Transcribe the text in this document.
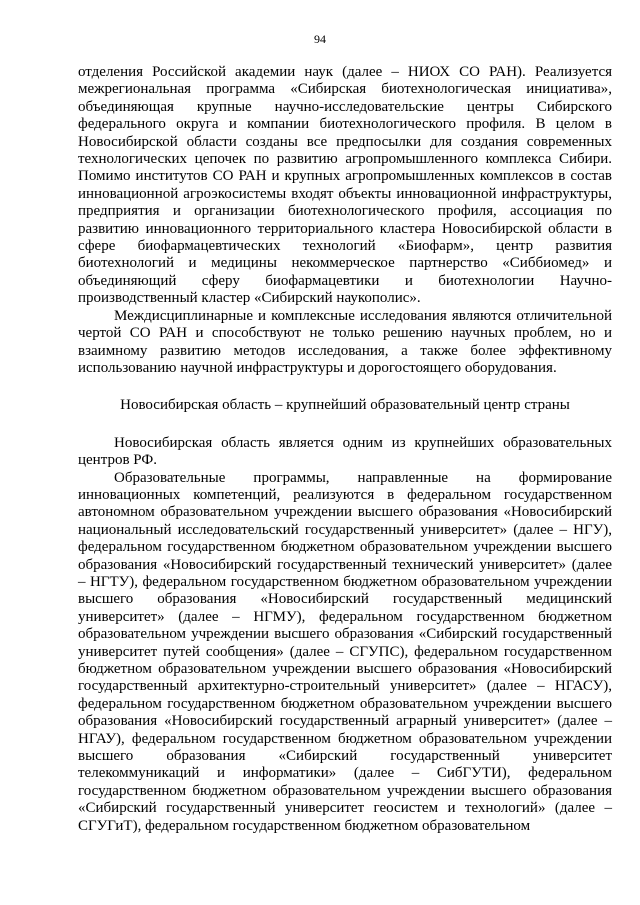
94

отделения Российской академии наук (далее – НИОХ СО РАН). Реализуется межрегиональная программа «Сибирская биотехнологическая инициатива», объединяющая крупные научно-исследовательские центры Сибирского федерального округа и компании биотехнологического профиля. В целом в Новосибирской области созданы все предпосылки для создания современных технологических цепочек по развитию агропромышленного комплекса Сибири. Помимо институтов СО РАН и крупных агропромышленных комплексов в состав инновационной агроэкосистемы входят объекты инновационной инфраструктуры, предприятия и организации биотехнологического профиля, ассоциация по развитию инновационного территориального кластера Новосибирской области в сфере биофармацевтических технологий «Биофарм», центр развития биотехнологий и медицины некоммерческое партнерство «Сиббиомед» и объединяющий сферу биофармацевтики и биотехнологии Научно-производственный кластер «Сибирский наукополис».

Междисциплинарные и комплексные исследования являются отличительной чертой СО РАН и способствуют не только решению научных проблем, но и взаимному развитию методов исследования, а также более эффективному использованию научной инфраструктуры и дорогостоящего оборудования.

Новосибирская область – крупнейший образовательный центр страны

Новосибирская область является одним из крупнейших образовательных центров РФ.

Образовательные программы, направленные на формирование инновационных компетенций, реализуются в федеральном государственном автономном образовательном учреждении высшего образования «Новосибирский национальный исследовательский государственный университет» (далее – НГУ), федеральном государственном бюджетном образовательном учреждении высшего образования «Новосибирский государственный технический университет» (далее – НГТУ), федеральном государственном бюджетном образовательном учреждении высшего образования «Новосибирский государственный медицинский университет» (далее – НГМУ), федеральном государственном бюджетном образовательном учреждении высшего образования «Сибирский государственный университет путей сообщения» (далее – СГУПС), федеральном государственном бюджетном образовательном учреждении высшего образования «Новосибирский государственный архитектурно-строительный университет» (далее – НГАСУ), федеральном государственном бюджетном образовательном учреждении высшего образования «Новосибирский государственный аграрный университет» (далее – НГАУ), федеральном государственном бюджетном образовательном учреждении высшего образования «Сибирский государственный университет телекоммуникаций и информатики» (далее – СибГУТИ), федеральном государственном бюджетном образовательном учреждении высшего образования «Сибирский государственный университет геосистем и технологий» (далее – СГУГиТ), федеральном государственном бюджетном образовательном
